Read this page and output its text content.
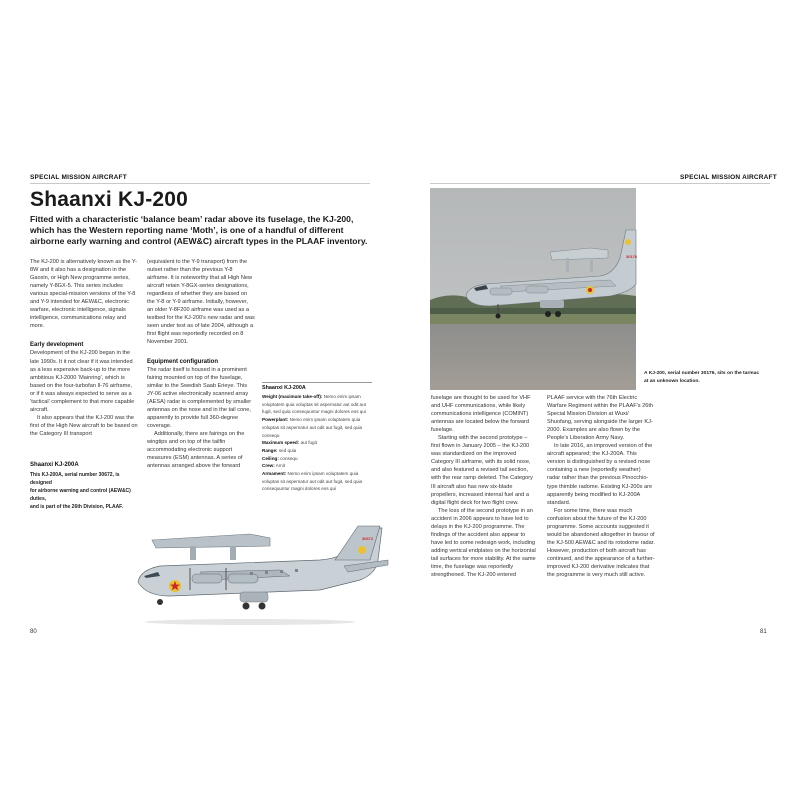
SPECIAL MISSION AIRCRAFT	SPECIAL MISSION AIRCRAFT
Shaanxi KJ-200
Fitted with a characteristic ‘balance beam’ radar above its fuselage, the KJ-200, which has the Western reporting name ‘Moth’, is one of a handful of different airborne early warning and control (AEW&C) aircraft types in the PLAAF inventory.

The KJ-200 is alternatively known as the Y-8W and it also has a designation in the Gaoxin, or High New programme series, namely Y-8GX-5. This series includes various special-mission versions of the Y-8 and Y-9 intended for AEW&C, electronic warfare, electronic intelligence, signals intelligence, communications relay and more.

Early development

Development of the KJ-200 began in the late 1990s. It it not clear if it was intended as a less expensive back-up to the more ambitious KJ-2000 ‘Mainring’, which is based on the four-turbofan Il-76 airframe, or if it was always expected to serve as a ‘tactical’ complement to that more capable aircraft.

It also appears that the KJ-200 was the first of the High New aircraft to be based on the Category III transport

Shaanxi KJ-200A
This KJ-200A, serial number 30672, is designed
for airborne warning and control (AEW&C) duties,
and is part of the 26th Division, PLAAF.

(equivalent to the Y-9 transport) from the outset rather than the previous Y-8 airframe. It is noteworthy that all High New aircraft retain Y-8GX-series designations, regardless of whether they are based on the Y-8 or Y-9 airframe. Initially, however, an older Y-8F200 airframe was used as a testbed for the KJ-200’s new radar and was seen under test as of late 2004, although a first flight was reportedly recorded on 8 November 2001.

Equipment configuration

The radar itself is housed in a prominent fairing mounted on top of the fuselage, similar to the Swedish Saab Erieye. This JY-06 active electronically scanned array (AESA) radar is complemented by smaller antennas on the nose and in the tail cone, apparently to provide full 360-degree coverage.

Additionally, there are fairings on the wingtips and on top of the tailfin accommodating electronic support measures (ESM) antennas. A series of antennas arranged above the forward

Shaanxi KJ-200A
Weight (maximum take-off): Nemo enim ipsam voluptatem quia voluptas sit aspernatur aut odit aut fugit, sed quia consequuntur magni dolores eos qui
Powerplant: Nemo enim ipsam voluptatem quia voluptas sit aspernatur aut odit aut fugit, sed quia consequ
Maximum speed: aut fugit
Range: sed quia
Ceiling: consequ
Crew: Amit
Armament: Nemo enim ipsam voluptatem quia voluptas sit aspernatur aut odit aut fugit, sed quia consequuntur magni dolores eos qui
30672
80
30176
A KJ-200, serial number 30176, sits on the tarmac
at an unknown location.

fuselage are thought to be used for VHF and UHF communications, while likely communications intelligence (COMINT) antennas are located below the forward fuselage.

Starting with the second prototype – first flown in January 2005 – the KJ-200 was standardized on the improved Category III airframe, with its solid nose, and also featured a revised tail section, with the rear ramp deleted. The Category III aircraft also has new six-blade propellers, increased internal fuel and a digital flight deck for two flight crew.

The loss of the second prototype in an accident in 2006 appears to have led to delays in the KJ-200 programme. The findings of the accident also appear to have led to some redesign work, including adding vertical endplates on the horizontal tail surfaces for more stability. At the same time, the fuselage was reportedly strengthened. The KJ-200 entered

PLAAF service with the 76th Electric Warfare Regiment within the PLAAF’s 26th Special Mission Division at Wuxi/ Shuofang, serving alongside the larger KJ-2000. Examples are also flown by the People’s Liberation Army Navy.

In late 2016, an improved version of the aircraft appeared; the KJ-200A. This version is distinguished by a revised nose containing a new (reportedly weather) radar rather than the previous Pinocchio-type thimble radome. Existing KJ-200s are apparently being modified to KJ-200A standard.

For some time, there was much confusion about the future of the KJ-200 programme. Some accounts suggested it would be abandoned altogether in favour of the KJ-500 AEW&C and its rotodome radar. However, production of both aircraft has continued, and the appearance of a further-improved KJ-200 derivative indicates that the programme is very much still active.

81
